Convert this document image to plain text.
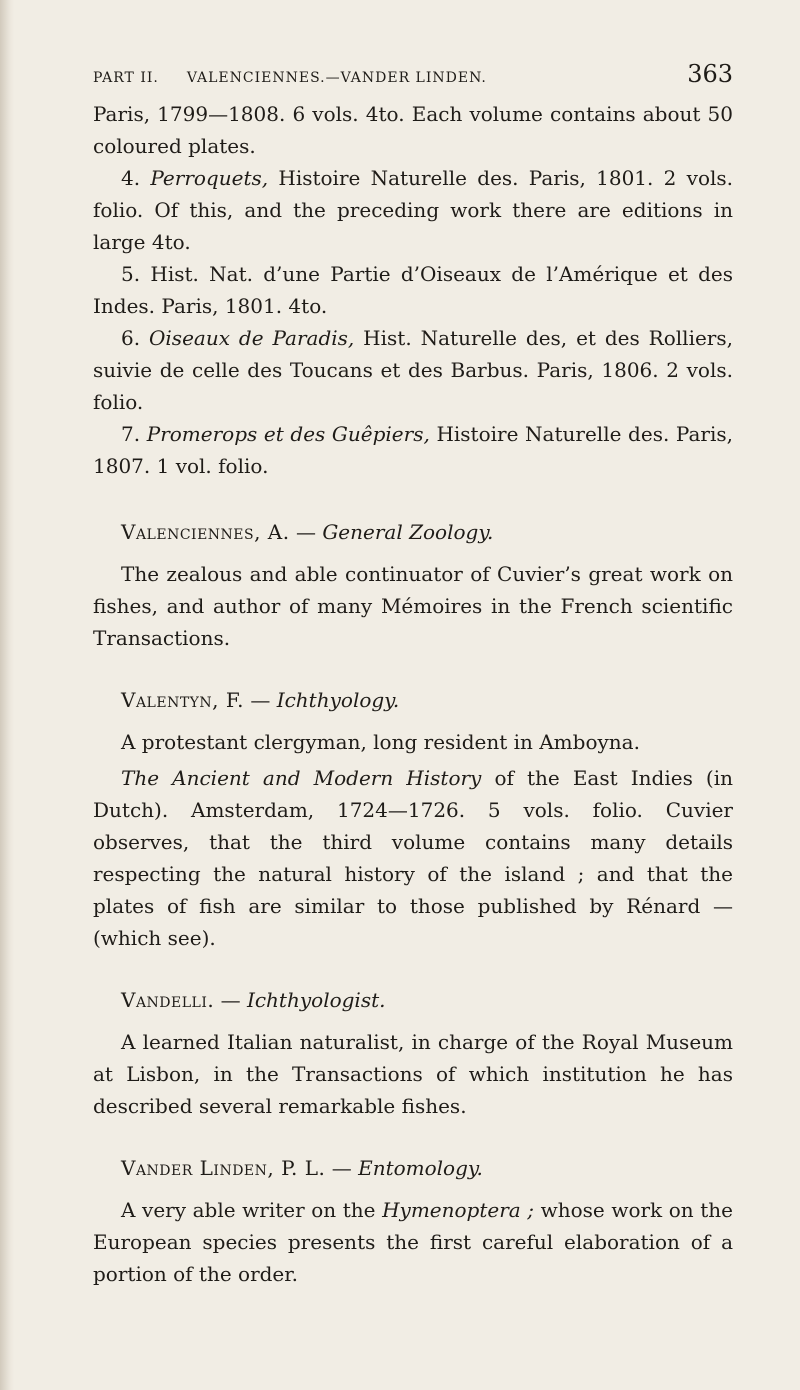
PART II.	VALENCIENNES.—VANDER LINDEN.	363

Paris, 1799—1808. 6 vols. 4to. Each volume contains about 50 coloured plates.

4. Perroquets, Histoire Naturelle des. Paris, 1801. 2 vols. folio. Of this, and the preceding work there are editions in large 4to.

5. Hist. Nat. d’une Partie d’Oiseaux de l’Amérique et des Indes. Paris, 1801. 4to.

6. Oiseaux de Paradis, Hist. Naturelle des, et des Rolliers, suivie de celle des Toucans et des Barbus. Paris, 1806. 2 vols. folio.

7. Promerops et des Guêpiers, Histoire Naturelle des. Paris, 1807. 1 vol. folio.

Valenciennes, A. — General Zoology.

The zealous and able continuator of Cuvier’s great work on fishes, and author of many Mémoires in the French scientific Transactions.

Valentyn, F. — Ichthyology.

A protestant clergyman, long resident in Amboyna.

The Ancient and Modern History of the East Indies (in Dutch). Amsterdam, 1724—1726. 5 vols. folio. Cuvier observes, that the third volume contains many details respecting the natural history of the island ; and that the plates of fish are similar to those published by Rénard — (which see).

Vandelli. — Ichthyologist.

A learned Italian naturalist, in charge of the Royal Museum at Lisbon, in the Transactions of which institution he has described several remarkable fishes.

Vander Linden, P. L. — Entomology.

A very able writer on the Hymenoptera ; whose work on the European species presents the first careful elaboration of a portion of the order.
